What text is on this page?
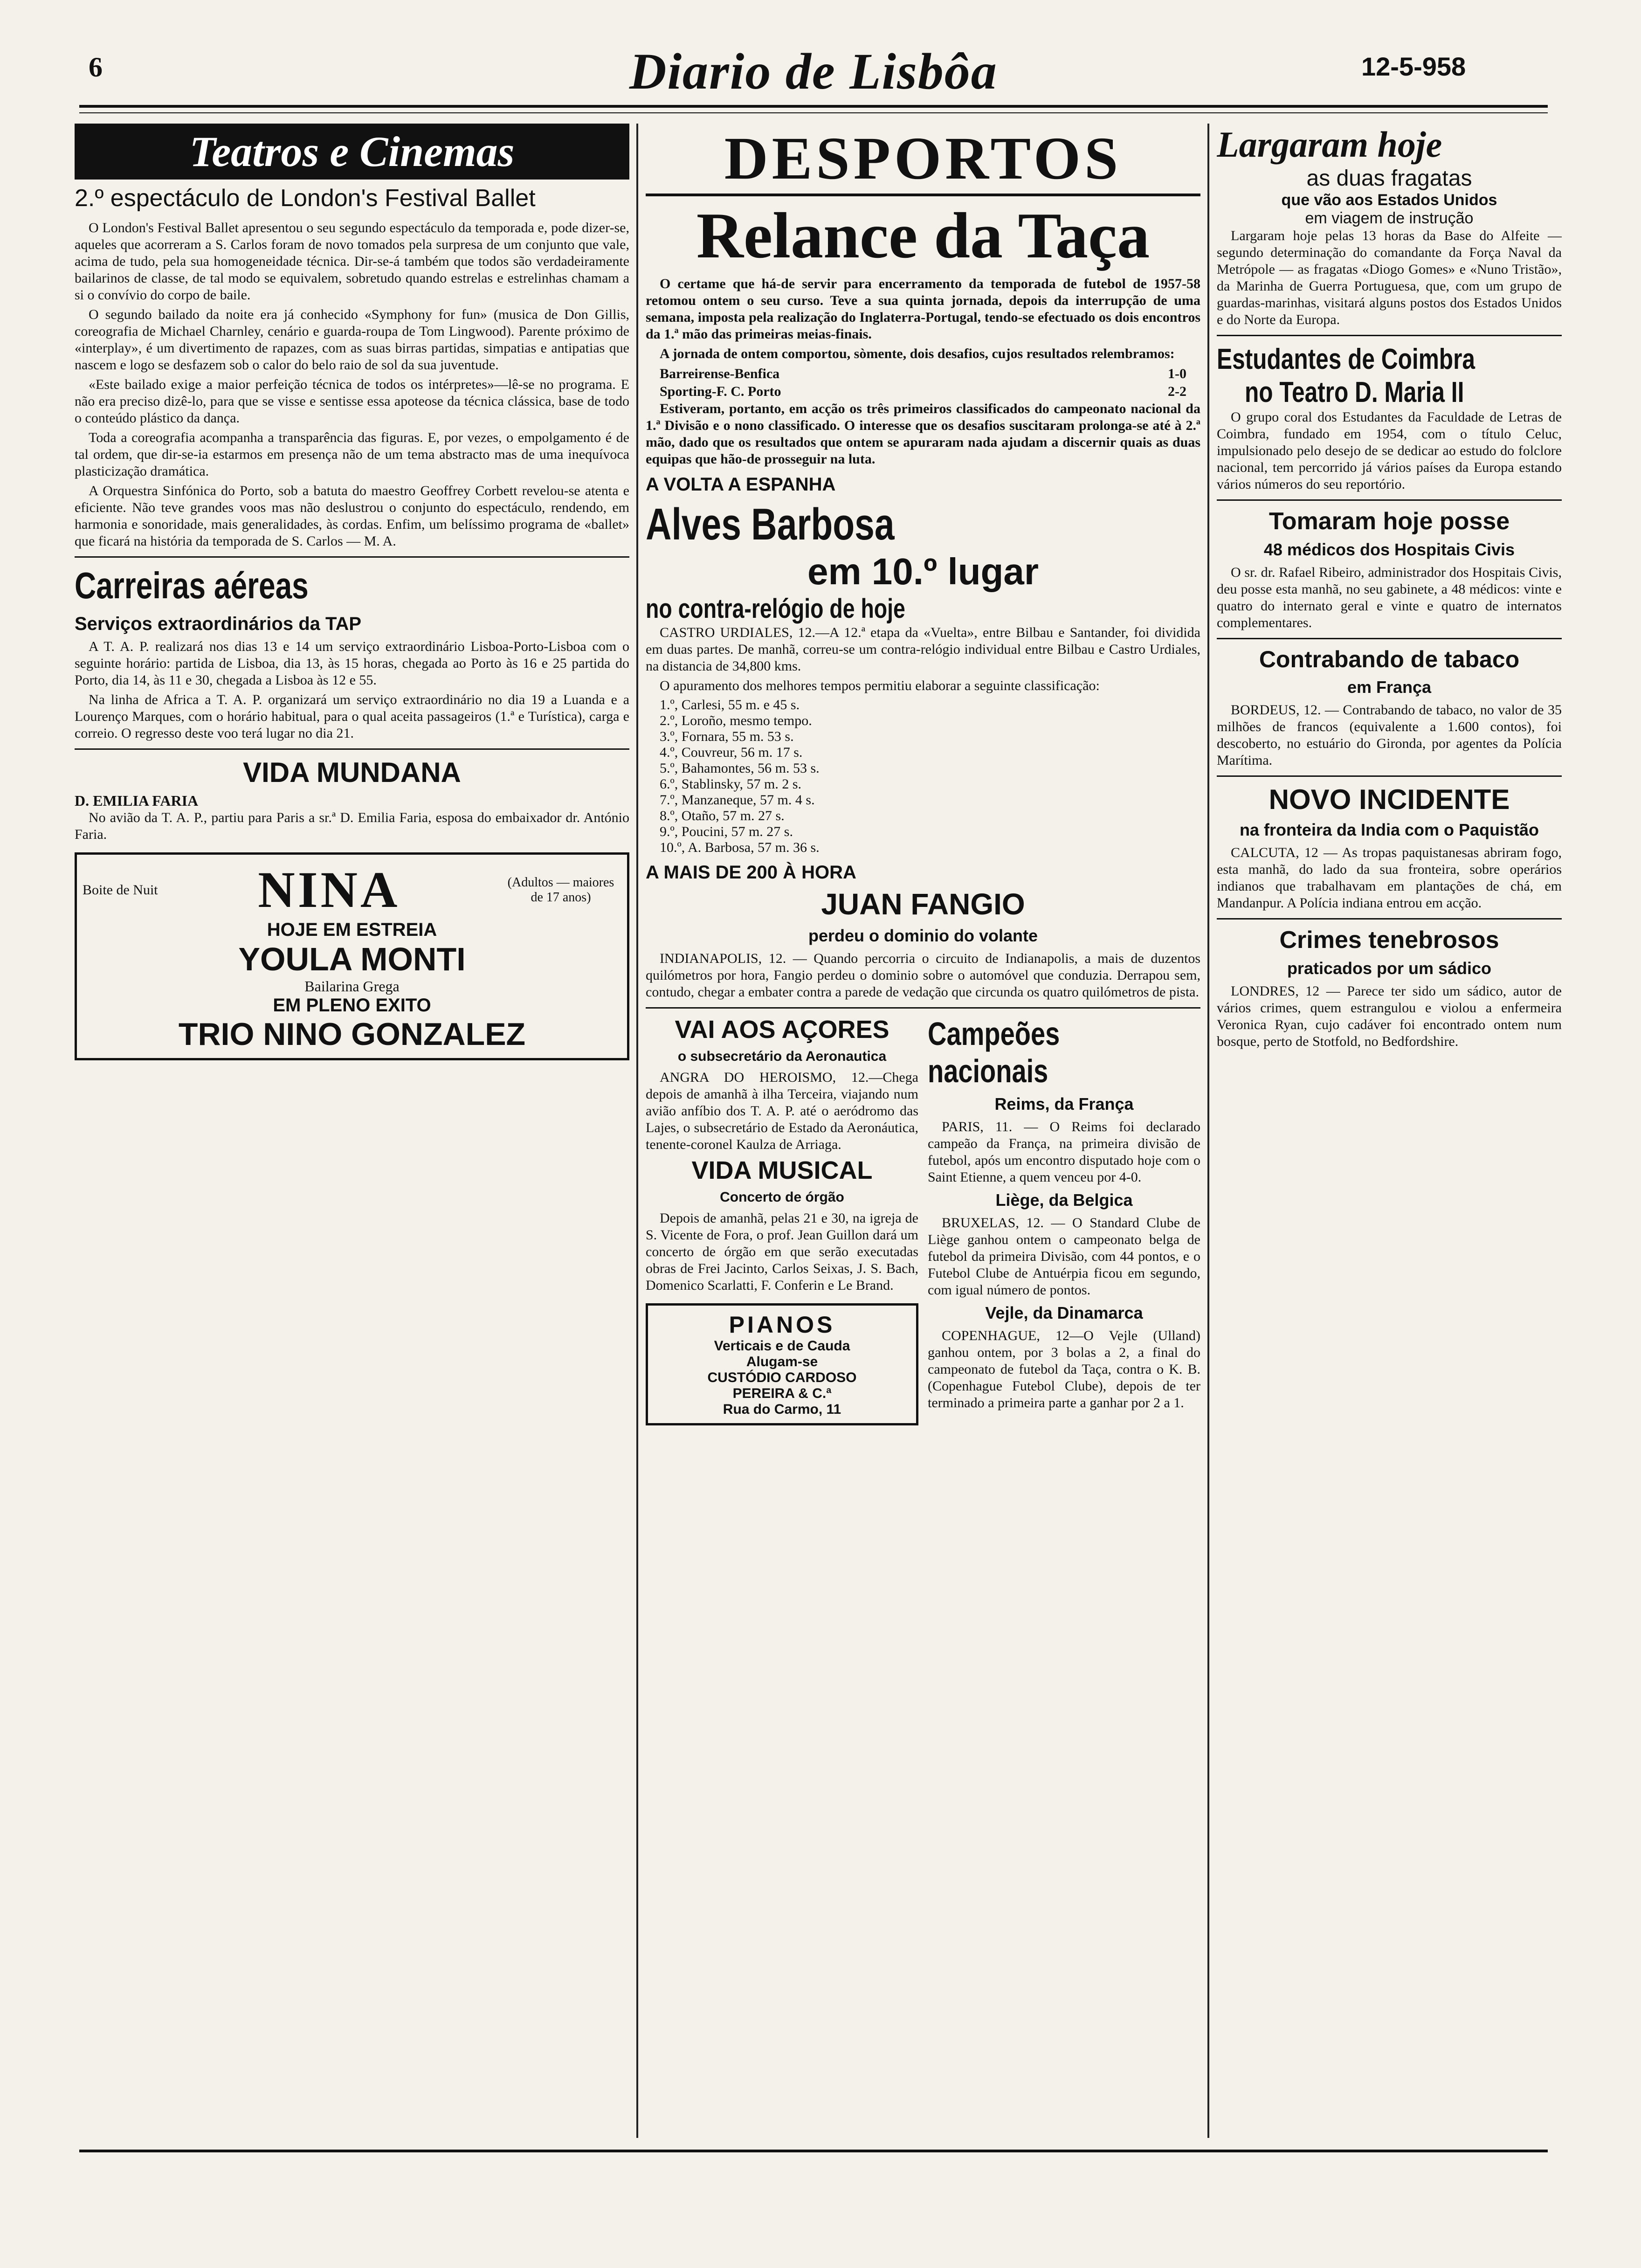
6	Diario de Lisbôa	12-5-958
Teatros e Cinemas
2.º espectáculo de London's Festival Ballet

O London's Festival Ballet apresentou o seu segundo espectáculo da temporada e, pode dizer-se, aqueles que acorreram a S. Carlos foram de novo tomados pela surpresa de um conjunto que vale, acima de tudo, pela sua homogeneidade técnica. Dir-se-á também que todos são verdadeiramente bailarinos de classe, de tal modo se equivalem, sobretudo quando estrelas e estrelinhas chamam a si o convívio do corpo de baile.

O segundo bailado da noite era já conhecido «Symphony for fun» (musica de Don Gillis, coreografia de Michael Charnley, cenário e guarda-roupa de Tom Lingwood). Parente próximo de «interplay», é um divertimento de rapazes, com as suas birras partidas, simpatias e antipatias que nascem e logo se desfazem sob o calor do belo raio de sol da sua juventude.

«Este bailado exige a maior perfeição técnica de todos os intérpretes»—lê-se no programa. E não era preciso dizê-lo, para que se visse e sentisse essa apoteose da técnica clássica, base de todo o conteúdo plástico da dança.

Toda a coreografia acompanha a transparência das figuras. E, por vezes, o empolgamento é de tal ordem, que dir-se-ia estarmos em presença não de um tema abstracto mas de uma inequívoca plasticização dramática.

A Orquestra Sinfónica do Porto, sob a batuta do maestro Geoffrey Corbett revelou-se atenta e eficiente. Não teve grandes voos mas não deslustrou o conjunto do espectáculo, rendendo, em harmonia e sonoridade, mais generalidades, às cordas. Enfim, um belíssimo programa de «ballet» que ficará na história da temporada de S. Carlos — M. A.

Carreiras aéreas
Serviços extraordinários da TAP

A T. A. P. realizará nos dias 13 e 14 um serviço extraordinário Lisboa-Porto-Lisboa com o seguinte horário: partida de Lisboa, dia 13, às 15 horas, chegada ao Porto às 16 e 25 partida do Porto, dia 14, às 11 e 30, chegada a Lisboa às 12 e 55.

Na linha de Africa a T. A. P. organizará um serviço extraordinário no dia 19 a Luanda e a Lourenço Marques, com o horário habitual, para o qual aceita passageiros (1.ª e Turística), carga e correio. O regresso deste voo terá lugar no dia 21.

VIDA MUNDANA
D. EMILIA FARIA

No avião da T. A. P., partiu para Paris a sr.ª D. Emilia Faria, esposa do embaixador dr. António Faria.

Boite de Nuit NINA	(Adultos — maiores de 17 anos)
HOJE EM ESTREIA
YOULA MONTI
Bailarina Grega
EM PLENO EXITO
TRIO NINO GONZALEZ
DESPORTOS
Relance da Taça

O certame que há-de servir para encerramento da temporada de futebol de 1957-58 retomou ontem o seu curso. Teve a sua quinta jornada, depois da interrupção de uma semana, imposta pela realização do Inglaterra-Portugal, tendo-se efectuado os dois encontros da 1.ª mão das primeiras meias-finais.

A jornada de ontem comportou, sòmente, dois desafios, cujos resultados relembramos:

Barreirense-Benfica	1-0
Sporting-F. C. Porto	2-2

Estiveram, portanto, em acção os três primeiros classificados do campeonato nacional da 1.ª Divisão e o nono classificado. O interesse que os desafios suscitaram prolonga-se até à 2.ª mão, dado que os resultados que ontem se apuraram nada ajudam a discernir quais as duas equipas que hão-de prosseguir na luta.

A VOLTA A ESPANHA
Alves Barbosa
em 10.º lugar
no contra-relógio de hoje

CASTRO URDIALES, 12.—A 12.ª etapa da «Vuelta», entre Bilbau e Santander, foi dividida em duas partes. De manhã, correu-se um contra-relógio individual entre Bilbau e Castro Urdiales, na distancia de 34,800 kms.

O apuramento dos melhores tempos permitiu elaborar a seguinte classificação:

1.º, Carlesi, 55 m. e 45 s.
2.º, Loroño, mesmo tempo.
3.º, Fornara, 55 m. 53 s.
4.º, Couvreur, 56 m. 17 s.
5.º, Bahamontes, 56 m. 53 s.
6.º, Stablinsky, 57 m. 2 s.
7.º, Manzaneque, 57 m. 4 s.
8.º, Otaño, 57 m. 27 s.
9.º, Poucini, 57 m. 27 s.
10.º, A. Barbosa, 57 m. 36 s.
A MAIS DE 200 À HORA
JUAN FANGIO
perdeu o dominio do volante

INDIANAPOLIS, 12. — Quando percorria o circuito de Indianapolis, a mais de duzentos quilómetros por hora, Fangio perdeu o dominio sobre o automóvel que conduzia. Derrapou sem, contudo, chegar a embater contra a parede de vedação que circunda os quatro quilómetros de pista.

VAI AOS AÇORES
o subsecretário da Aeronautica

ANGRA DO HEROISMO, 12.—Chega depois de amanhã à ilha Terceira, viajando num avião anfíbio dos T. A. P. até o aeródromo das Lajes, o subsecretário de Estado da Aeronáutica, tenente-coronel Kaulza de Arriaga.

VIDA MUSICAL
Concerto de órgão

Depois de amanhã, pelas 21 e 30, na igreja de S. Vicente de Fora, o prof. Jean Guillon dará um concerto de órgão em que serão executadas obras de Frei Jacinto, Carlos Seixas, J. S. Bach, Domenico Scarlatti, F. Conferin e Le Brand.

PIANOS
Verticais e de Cauda
Alugam-se
CUSTÓDIO CARDOSO
PEREIRA & C.ª
Rua do Carmo, 11
Campeões nacionais
Reims, da França

PARIS, 11. — O Reims foi declarado campeão da França, na primeira divisão de futebol, após um encontro disputado hoje com o Saint Etienne, a quem venceu por 4-0.

Liège, da Belgica

BRUXELAS, 12. — O Standard Clube de Liège ganhou ontem o campeonato belga de futebol da primeira Divisão, com 44 pontos, e o Futebol Clube de Antuérpia ficou em segundo, com igual número de pontos.

Vejle, da Dinamarca

COPENHAGUE, 12—O Vejle (Ulland) ganhou ontem, por 3 bolas a 2, a final do campeonato de futebol da Taça, contra o K. B. (Copenhague Futebol Clube), depois de ter terminado a primeira parte a ganhar por 2 a 1.

Largaram hoje
as duas fragatas
que vão aos Estados Unidos
em viagem de instrução

Largaram hoje pelas 13 horas da Base do Alfeite — segundo determinação do comandante da Força Naval da Metrópole — as fragatas «Diogo Gomes» e «Nuno Tristão», da Marinha de Guerra Portuguesa, que, com um grupo de guardas-marinhas, visitará alguns postos dos Estados Unidos e do Norte da Europa.

Estudantes de Coimbra
no Teatro D. Maria II

O grupo coral dos Estudantes da Faculdade de Letras de Coimbra, fundado em 1954, com o título Celuc, impulsionado pelo desejo de se dedicar ao estudo do folclore nacional, tem percorrido já vários países da Europa estando vários números do seu reportório.

Tomaram hoje posse
48 médicos dos Hospitais Civis

O sr. dr. Rafael Ribeiro, administrador dos Hospitais Civis, deu posse esta manhã, no seu gabinete, a 48 médicos: vinte e quatro do internato geral e vinte e quatro de internatos complementares.

Contrabando de tabaco
em França

BORDEUS, 12. — Contrabando de tabaco, no valor de 35 milhões de francos (equivalente a 1.600 contos), foi descoberto, no estuário do Gironda, por agentes da Polícia Marítima.

NOVO INCIDENTE
na fronteira da India com o Paquistão

CALCUTA, 12 — As tropas paquistanesas abriram fogo, esta manhã, do lado da sua fronteira, sobre operários indianos que trabalhavam em plantações de chá, em Mandanpur. A Polícia indiana entrou em acção.

Crimes tenebrosos
praticados por um sádico

LONDRES, 12 — Parece ter sido um sádico, autor de vários crimes, quem estrangulou e violou a enfermeira Veronica Ryan, cujo cadáver foi encontrado ontem num bosque, perto de Stotfold, no Bedfordshire.
